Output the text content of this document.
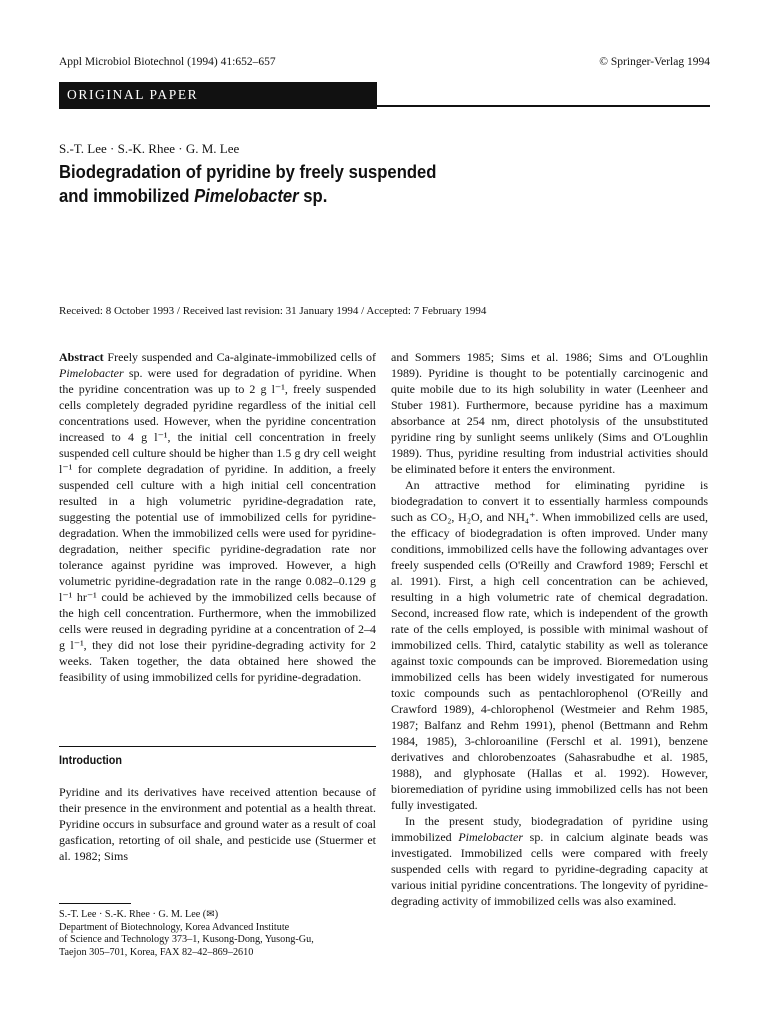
Appl Microbiol Biotechnol (1994) 41:652–657	© Springer-Verlag 1994
ORIGINAL PAPER
S.-T. Lee · S.-K. Rhee · G. M. Lee
Biodegradation of pyridine by freely suspended
and immobilized Pimelobacter sp.
Received: 8 October 1993 / Received last revision: 31 January 1994 / Accepted: 7 February 1994

Abstract Freely suspended and Ca-alginate-immobilized cells of Pimelobacter sp. were used for degradation of pyridine. When the pyridine concentration was up to 2 g l⁻¹, freely suspended cells completely degraded pyridine regardless of the initial cell concentrations used. However, when the pyridine concentration increased to 4 g l⁻¹, the initial cell concentration in freely suspended cell culture should be higher than 1.5 g dry cell weight l⁻¹ for complete degradation of pyridine. In addition, a freely suspended cell culture with a high initial cell concentration resulted in a high volumetric pyridine-degradation rate, suggesting the potential use of immobilized cells for pyridine-degradation. When the immobilized cells were used for pyridine-degradation, neither specific pyridine-degradation rate nor tolerance against pyridine was improved. However, a high volumetric pyridine-degradation rate in the range 0.082–0.129 g l⁻¹ hr⁻¹ could be achieved by the immobilized cells because of the high cell concentration. Furthermore, when the immobilized cells were reused in degrading pyridine at a concentration of 2–4 g l⁻¹, they did not lose their pyridine-degrading activity for 2 weeks. Taken together, the data obtained here showed the feasibility of using immobilized cells for pyridine-degradation.

Introduction

Pyridine and its derivatives have received attention because of their presence in the environment and potential as a health threat. Pyridine occurs in subsurface and ground water as a result of coal gasfication, retorting of oil shale, and pesticide use (Stuermer et al. 1982; Sims

S.-T. Lee · S.-K. Rhee · G. M. Lee (✉)
Department of Biotechnology, Korea Advanced Institute
of Science and Technology 373–1, Kusong-Dong, Yusong-Gu,
Taejon 305–701, Korea, FAX 82–42–869–2610

and Sommers 1985; Sims et al. 1986; Sims and O'Loughlin 1989). Pyridine is thought to be potentially carcinogenic and quite mobile due to its high solubility in water (Leenheer and Stuber 1981). Furthermore, because pyridine has a maximum absorbance at 254 nm, direct photolysis of the unsubstituted pyridine ring by sunlight seems unlikely (Sims and O'Loughlin 1989). Thus, pyridine resulting from industrial activities should be eliminated before it enters the environment.

An attractive method for eliminating pyridine is biodegradation to convert it to essentially harmless compounds such as CO₂, H₂O, and NH₄⁺. When immobilized cells are used, the efficacy of biodegradation is often improved. Under many conditions, immobilized cells have the following advantages over freely suspended cells (O'Reilly and Crawford 1989; Ferschl et al. 1991). First, a high cell concentration can be achieved, resulting in a high volumetric rate of chemical degradation. Second, increased flow rate, which is independent of the growth rate of the cells employed, is possible with minimal washout of immobilized cells. Third, catalytic stability as well as tolerance against toxic compounds can be improved. Bioremedation using immobilized cells has been widely investigated for numerous toxic compounds such as pentachlorophenol (O'Reilly and Crawford 1989), 4-chlorophenol (Westmeier and Rehm 1985, 1987; Balfanz and Rehm 1991), phenol (Bettmann and Rehm 1984, 1985), 3-chloroaniline (Ferschl et al. 1991), benzene derivatives and chlorobenzoates (Sahasrabudhe et al. 1985, 1988), and glyphosate (Hallas et al. 1992). However, bioremediation of pyridine using immobilized cells has not been fully investigated.

In the present study, biodegradation of pyridine using immobilized Pimelobacter sp. in calcium alginate beads was investigated. Immobilized cells were compared with freely suspended cells with regard to pyridine-degrading capacity at various initial pyridine concentrations. The longevity of pyridine-degrading activity of immobilized cells was also examined.
